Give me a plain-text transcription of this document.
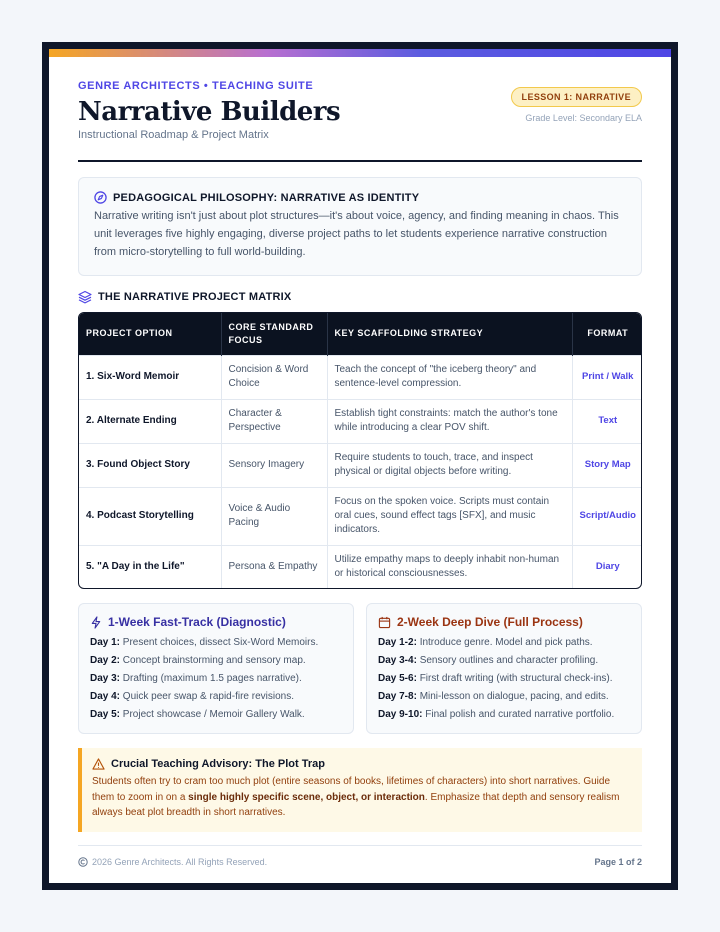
GENRE ARCHITECTS • TEACHING SUITE
Narrative Builders
Instructional Roadmap & Project Matrix
LESSON 1: NARRATIVE
Grade Level: Secondary ELA
PEDAGOGICAL PHILOSOPHY: NARRATIVE AS IDENTITY
Narrative writing isn't just about plot structures—it's about voice, agency, and finding meaning in chaos. This unit leverages five highly engaging, diverse project paths to let students experience narrative construction from micro-storytelling to full world-building.
THE NARRATIVE PROJECT MATRIX
PROJECT OPTION	CORE STANDARD FOCUS	KEY SCAFFOLDING STRATEGY	FORMAT
1. Six-Word Memoir	Concision & Word Choice	Teach the concept of "the iceberg theory" and sentence-level compression.	Print / Walk
2. Alternate Ending	Character & Perspective	Establish tight constraints: match the author's tone while introducing a clear POV shift.	Text
3. Found Object Story	Sensory Imagery	Require students to touch, trace, and inspect physical or digital objects before writing.	Story Map
4. Podcast Storytelling	Voice & Audio Pacing	Focus on the spoken voice. Scripts must contain oral cues, sound effect tags [SFX], and music indicators.	Script/Audio
5. "A Day in the Life"	Persona & Empathy	Utilize empathy maps to deeply inhabit non-human or historical consciousnesses.	Diary
1-Week Fast-Track (Diagnostic)
Day 1: Present choices, dissect Six-Word Memoirs.
Day 2: Concept brainstorming and sensory map.
Day 3: Drafting (maximum 1.5 pages narrative).
Day 4: Quick peer swap & rapid-fire revisions.
Day 5: Project showcase / Memoir Gallery Walk.
2-Week Deep Dive (Full Process)
Day 1-2: Introduce genre. Model and pick paths.
Day 3-4: Sensory outlines and character profiling.
Day 5-6: First draft writing (with structural check-ins).
Day 7-8: Mini-lesson on dialogue, pacing, and edits.
Day 9-10: Final polish and curated narrative portfolio.
Crucial Teaching Advisory: The Plot Trap
Students often try to cram too much plot (entire seasons of books, lifetimes of characters) into short narratives. Guide them to zoom in on a single highly specific scene, object, or interaction. Emphasize that depth and sensory realism always beat plot breadth in short narratives.
2026 Genre Architects. All Rights Reserved.	Page 1 of 2
